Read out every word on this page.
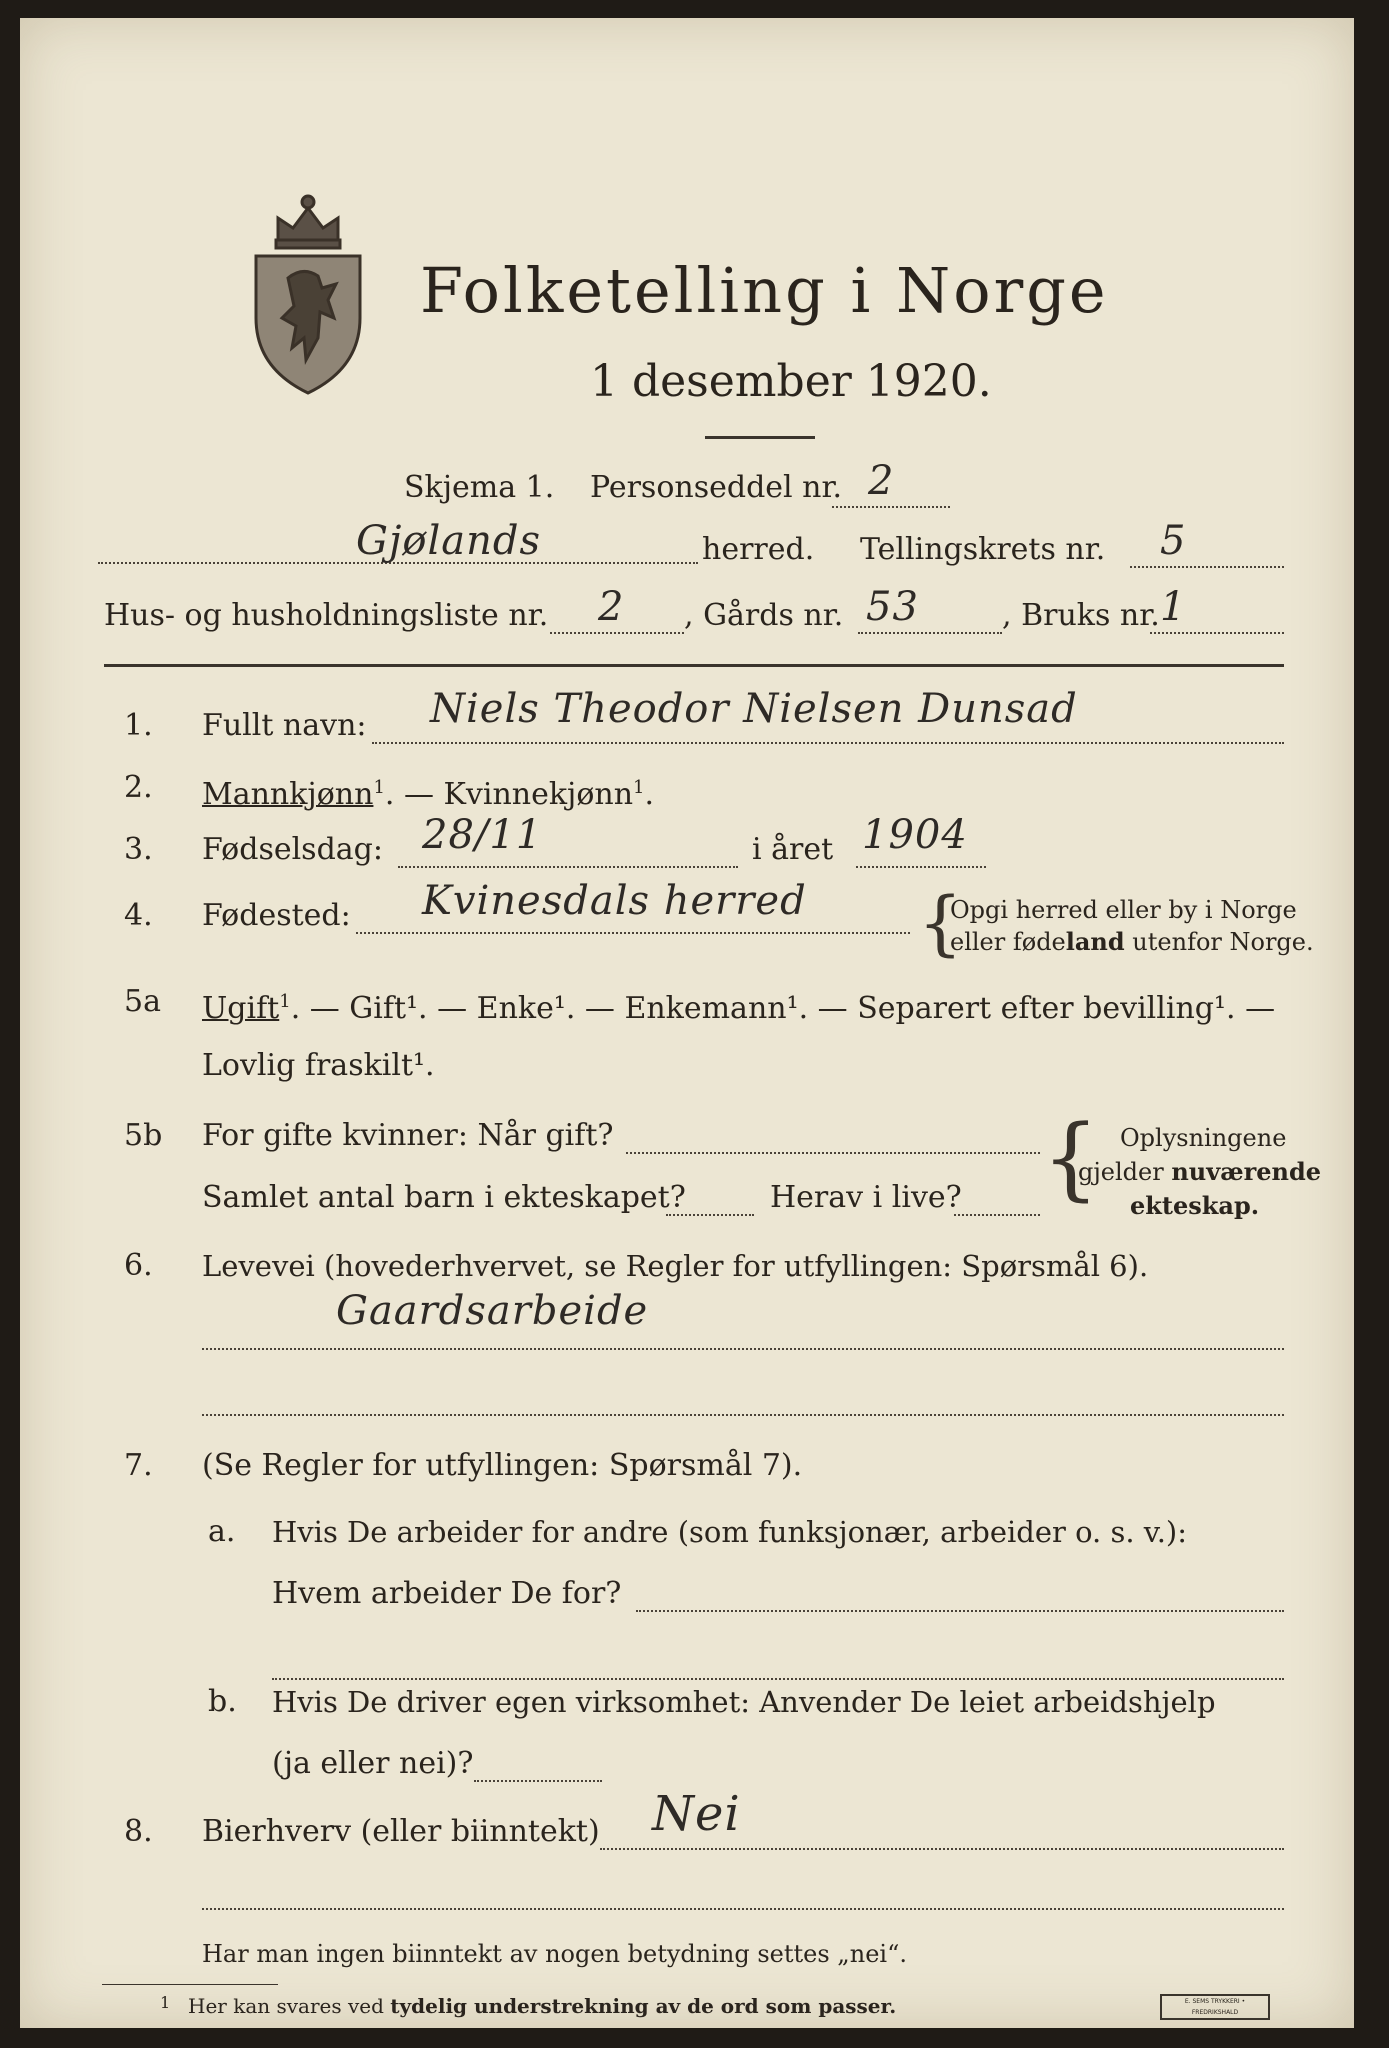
Folketelling i Norge
1 desember 1920.
Skjema 1. Personseddel nr. 2
Gjølands	herred. Tellingskrets nr. 5
Hus- og husholdningsliste nr. 2 , Gårds nr. 53	, Bruks nr. 1
1. Fullt navn: Niels Theodor Nielsen Dunsad
2. Mannkjønn$^1$. — Kvinnekjønn$^1$.
3. Fødselsdag: 28/11	i året 1904
4. Fødested: Kvinesdals herred {
Opgi herred eller by i Norge
eller fødeland utenfor Norge.
5a Ugift$^1$. — Gift¹. — Enke¹. — Enkemann¹. — Separert efter bevilling¹. —
Lovlig fraskilt¹.
5b For gifte kvinner: Når gift?
Samlet antal barn i ekteskapet?	Herav i live? { Oplysningene
gjelder nuværende
ekteskap.
6. Levevei (hovederhvervet, se Regler for utfyllingen: Spørsmål 6).
Gaardsarbeide
7. (Se Regler for utfyllingen: Spørsmål 7).
a. Hvis De arbeider for andre (som funksjonær, arbeider o. s. v.):
Hvem arbeider De for?
b. Hvis De driver egen virksomhet: Anvender De leiet arbeidshjelp
(ja eller nei)?
8. Bierhverv (eller biinntekt) Nei
Har man ingen biinntekt av nogen betydning settes „nei“.
1 Her kan svares ved tydelig understrekning av de ord som passer.	E. SEMS TRYKKERI • FREDRIKSHALD
